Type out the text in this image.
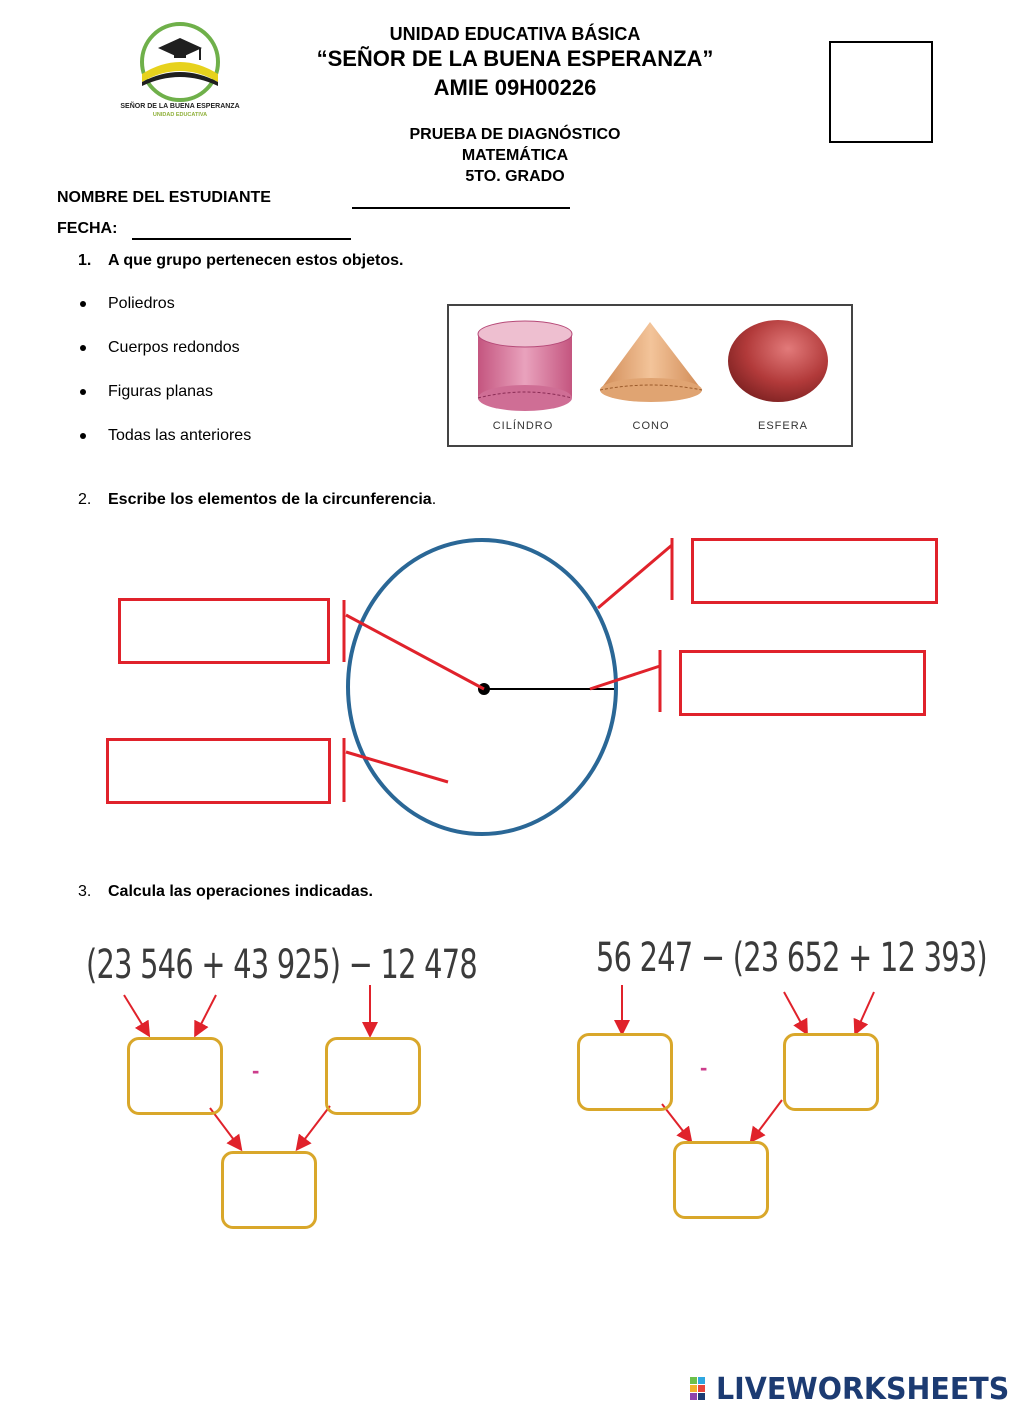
SEÑOR DE LA BUENA ESPERANZA
UNIDAD EDUCATIVA
UNIDAD EDUCATIVA BÁSICA
“SEÑOR DE LA BUENA ESPERANZA”
AMIE 09H00226
PRUEBA DE DIAGNÓSTICO
MATEMÁTICA
5TO. GRADO
NOMBRE DEL ESTUDIANTE
FECHA:
1. A que grupo pertenecen estos objetos.
Poliedros
Cuerpos redondos
Figuras planas
Todas las anteriores
CILÍNDRO	CONO	ESFERA
2. Escribe los elementos de la circunferencia.
3. Calcula las operaciones indicadas.
(23 546 + 43 925) − 12 478	56 247 − (23 652 + 12 393)
-	-
LIVEWORKSHEETS
